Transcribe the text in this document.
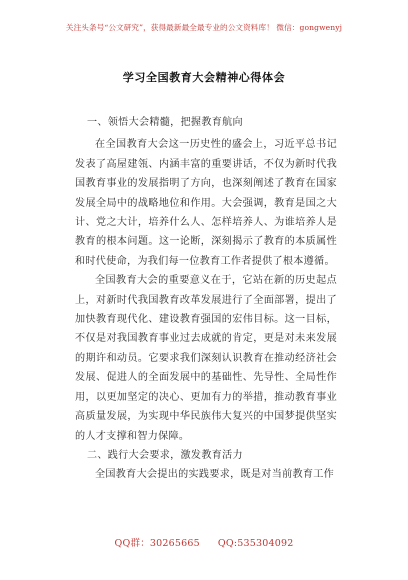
关注头条号“公文研究”，获得最新最全最专业的公文资料库！ 微信：gongwenyj
学习全国教育大会精神心得体会

一、领悟大会精髓，把握教育航向

在全国教育大会这一历史性的盛会上，习近平总书记发表了高屋建瓴、内涵丰富的重要讲话，不仅为新时代我国教育事业的发展指明了方向，也深刻阐述了教育在国家发展全局中的战略地位和作用。大会强调，教育是国之大计、党之大计，培养什么人、怎样培养人、为谁培养人是教育的根本问题。这一论断，深刻揭示了教育的本质属性和时代使命，为我们每一位教育工作者提供了根本遵循。

全国教育大会的重要意义在于，它站在新的历史起点上，对新时代我国教育改革发展进行了全面部署，提出了加快教育现代化、建设教育强国的宏伟目标。这一目标，不仅是对我国教育事业过去成就的肯定，更是对未来发展的期许和动员。它要求我们深刻认识教育在推动经济社会发展、促进人的全面发展中的基础性、先导性、全局性作用，以更加坚定的决心、更加有力的举措，推动教育事业高质量发展，为实现中华民族伟大复兴的中国梦提供坚实的人才支撑和智力保障。

二、践行大会要求，激发教育活力

全国教育大会提出的实践要求，既是对当前教育工作

QQ群：30265665 QQ:535304092
